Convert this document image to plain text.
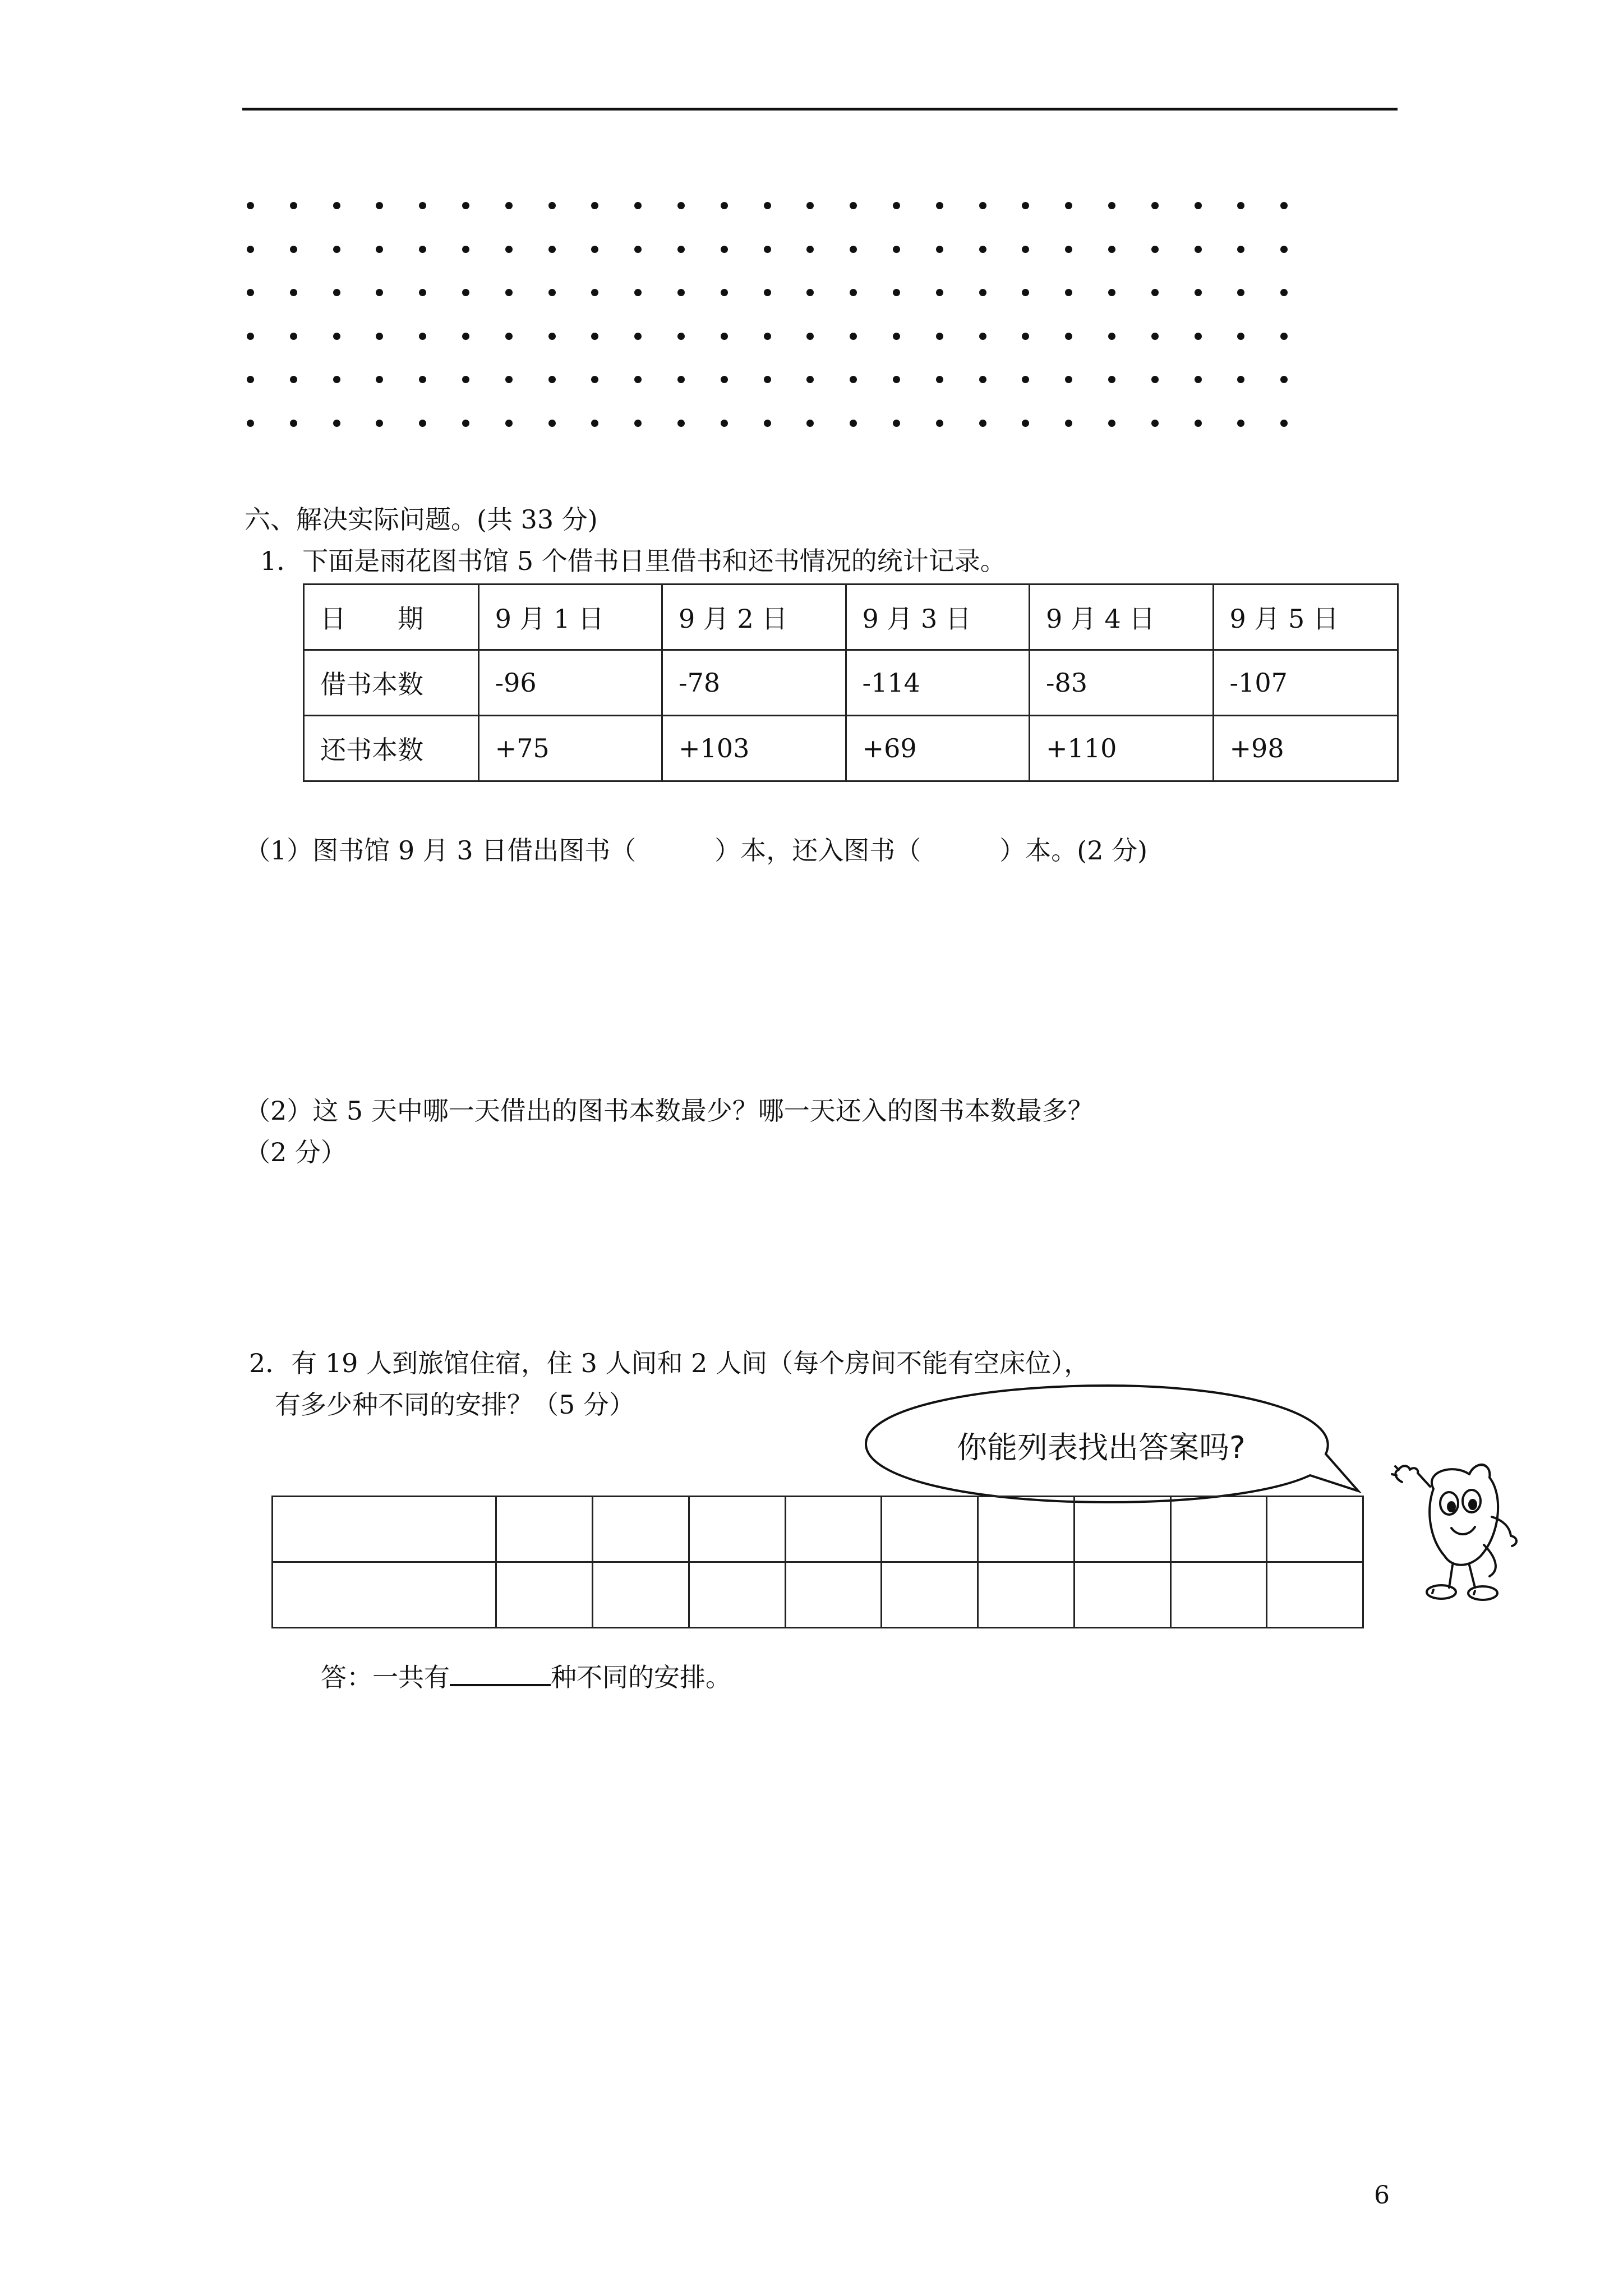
六、解决实际问题。(共 33 分)
1．下面是雨花图书馆 5 个借书日里借书和还书情况的统计记录。
日　　期	9 月 1 日	9 月 2 日	9 月 3 日	9 月 4 日	9 月 5 日
借书本数	-96	-78	-114	-83	-107
还书本数	+75	+103	+69	+110	+98
（1）图书馆 9 月 3 日借出图书（	）本，还入图书（	）本。(2 分)
（2）这 5 天中哪一天借出的图书本数最少？哪一天还入的图书本数最多？
（2 分）
2．有 19 人到旅馆住宿，住 3 人间和 2 人间（每个房间不能有空床位），
有多少种不同的安排？（5 分）
你能列表找出答案吗?

答：一共有	种不同的安排。
6
